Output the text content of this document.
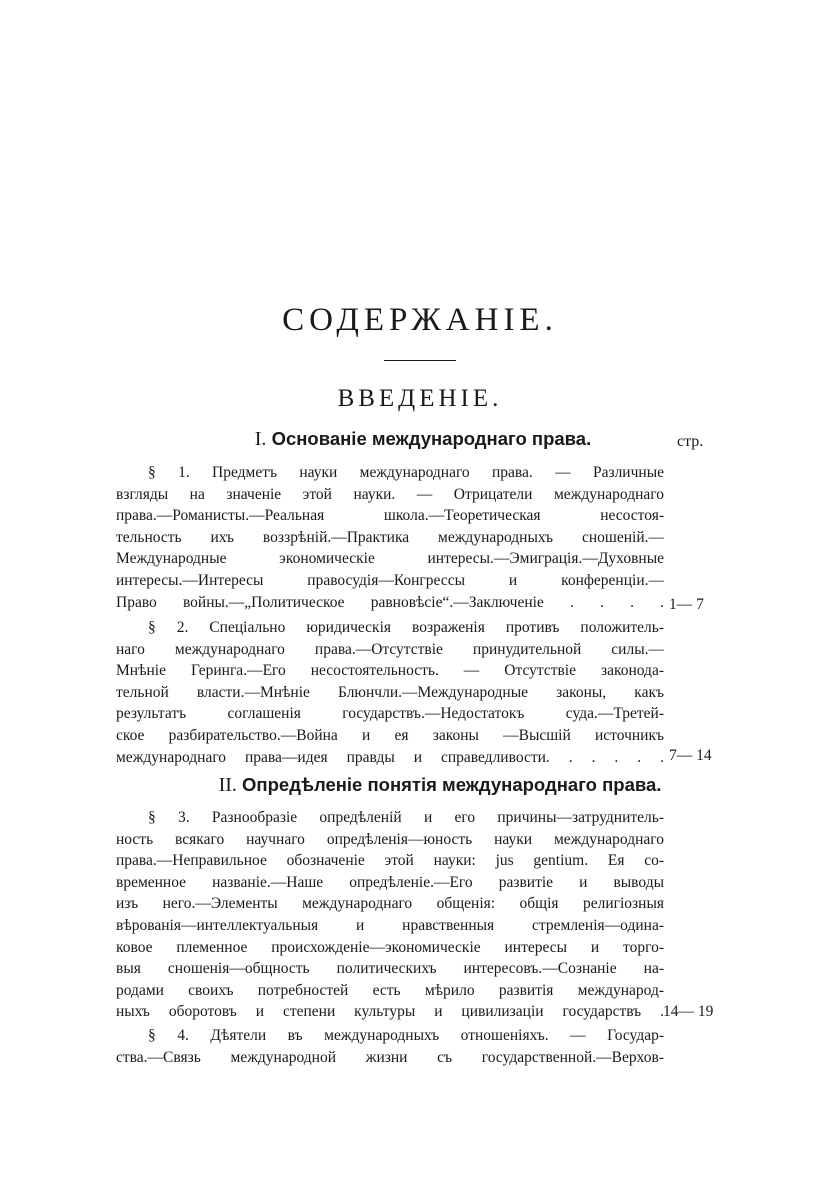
СОДЕРЖАНІЕ.
ВВЕДЕНІЕ.
I. Основаніе международнаго права.	стр.
§ 1. Предметъ науки международнаго права. — Различные
взгляды на значеніе этой науки. — Отрицатели международнаго
права.—Романисты.—Реальная школа.—Теоретическая несостоя-
тельность ихъ воззрѣній.—Практика международныхъ сношеній.—
Международные экономическіе интересы.—Эмиграція.—Духовные
интересы.—Интересы правосудія—Конгрессы и конференціи.—
Право войны.—„Политическое равновѣсіе“.—Заключеніе . . . . 1— 7
§ 2. Спеціально юридическія возраженія противъ положитель-
наго международнаго права.—Отсутствіе принудительной силы.—
Мнѣніе Геринга.—Его несостоятельность. — Отсутствіе законода-
тельной власти.—Мнѣніе Блюнчли.—Международные законы, какъ
результатъ соглашенія государствъ.—Недостатокъ суда.—Третей-
ское разбирательство.—Война и ея законы —Высшій источникъ
международнаго права—идея правды и справедливости. . . . . . 7— 14
II. Опредѣленіе понятія международнаго права.
§ 3. Разнообразіе опредѣленій и его причины—затруднитель-
ность всякаго научнаго опредѣленія—юность науки международнаго
права.—Неправильное обозначеніе этой науки: jus gentium. Ея со-
временное названіе.—Наше опредѣленіе.—Его развитіе и выводы
изъ него.—Элементы международнаго общенія: общія религіозныя
вѣрованія—интеллектуальныя и нравственныя стремленія—одина-
ковое племенное происхожденіе—экономическіе интересы и торго-
выя сношенія—общность политическихъ интересовъ.—Сознаніе на-
родами своихъ потребностей есть мѣрило развитія международ-
ныхъ оборотовъ и степени культуры и цивилизаціи государствъ . 14— 19
§ 4. Дѣятели въ международныхъ отношеніяхъ. — Государ-
ства.—Связь международной жизни съ государственной.—Верхов-
